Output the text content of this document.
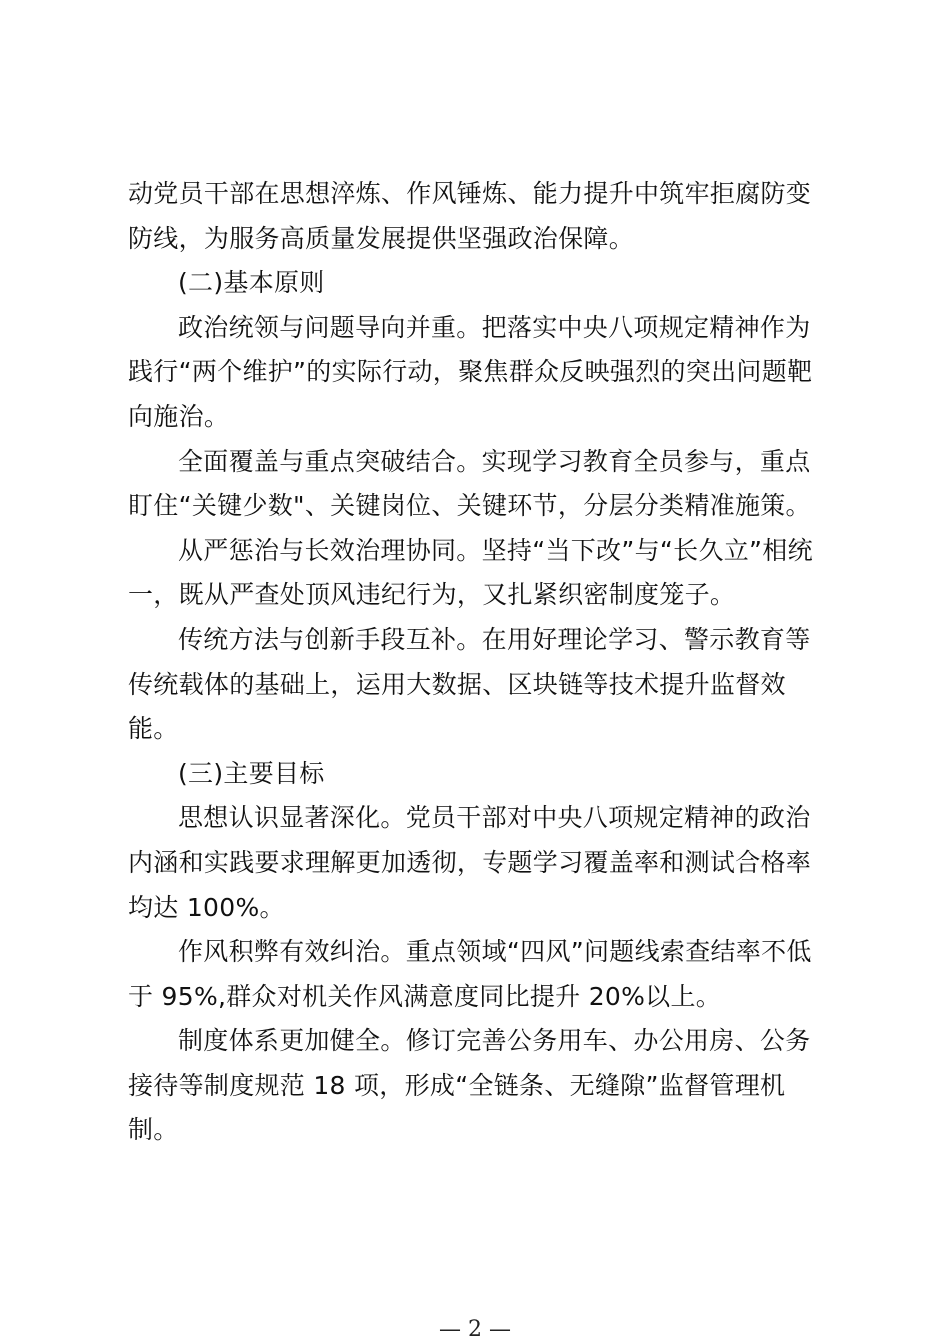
动党员干部在思想淬炼、作风锤炼、能力提升中筑牢拒腐防变
防线，为服务高质量发展提供坚强政治保障。
(二)基本原则
政治统领与问题导向并重。把落实中央八项规定精神作为
践行“两个维护”的实际行动，聚焦群众反映强烈的突出问题靶
向施治。
全面覆盖与重点突破结合。实现学习教育全员参与，重点
盯住“关键少数"、关键岗位、关键环节，分层分类精准施策。
从严惩治与长效治理协同。坚持“当下改”与“长久立”相统
一，既从严查处顶风违纪行为，又扎紧织密制度笼子。
传统方法与创新手段互补。在用好理论学习、警示教育等
传统载体的基础上，运用大数据、区块链等技术提升监督效
能。
(三)主要目标
思想认识显著深化。党员干部对中央八项规定精神的政治
内涵和实践要求理解更加透彻，专题学习覆盖率和测试合格率
均达 100%。
作风积弊有效纠治。重点领域“四风”问题线索查结率不低
于 95%,群众对机关作风满意度同比提升 20%以上。
制度体系更加健全。修订完善公务用车、办公用房、公务
接待等制度规范 18 项，形成“全链条、无缝隙”监督管理机
制。
— 2 —
